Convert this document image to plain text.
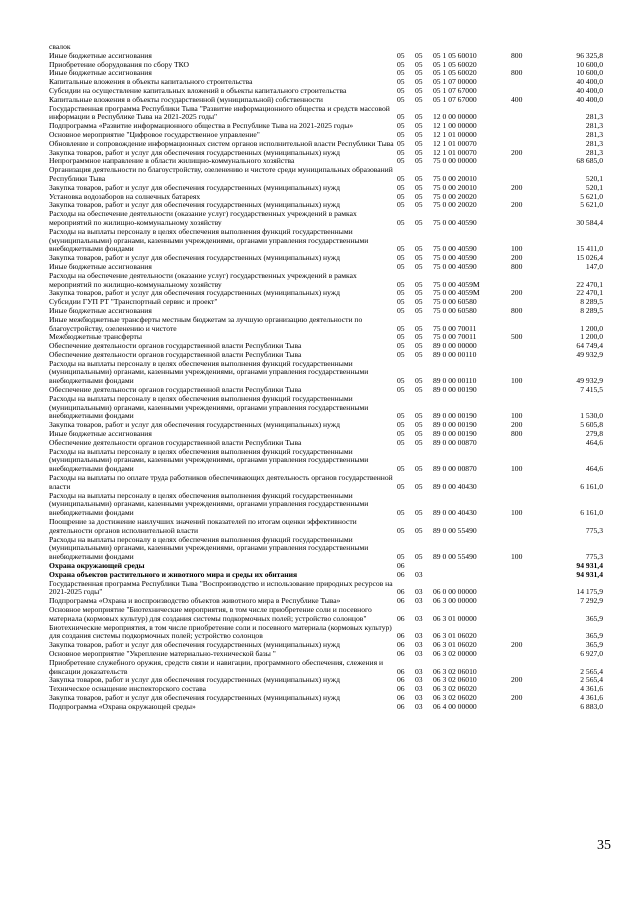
свалок
Иные бюджетные ассигнования	05	05	05 1 05 60010	800	96 325,8
Приобретение оборудования по сбору ТКО	05	05	05 1 05 60020	10 600,0
Иные бюджетные ассигнования	05	05	05 1 05 60020	800	10 600,0
Капитальные вложения в объекты капитального строительства	05	05	05 1 07 00000	40 400,0
Субсидии на осуществление капитальных вложений в объекты капитального строительства	05	05	05 1 07 67000	40 400,0
Капитальные вложения в объекты государственной (муниципальной) собственности	05	05	05 1 07 67000	400	40 400,0
Государственная программа Республики Тыва "Развитие информационного общества и средств массовой информации в Республике Тыва на 2021-2025 годы"	05	05	12 0 00 00000	281,3
Подпрограмма «Развитие информационного общества в Республике Тыва на 2021-2025 годы»	05	05	12 1 00 00000	281,3
Основное мероприятие "Цифровое государственное управление"	05	05	12 1 01 00000	281,3
Обновление и сопровождение информационных систем органов исполнительной власти Республики Тыва 05	05	12 1 01 00070	281,3
Закупка товаров, работ и услуг для обеспечения государственных (муниципальных) нужд	05	05	12 1 01 00070	200	281,3
Непрограммное направление в области жилищно-коммунального хозяйства	05	05	75 0 00 00000	68 685,0
Организация деятельности по благоустройству, озеленению и чистоте среди муниципальных образований Республики Тыва	05	05	75 0 00 20010	520,1
Закупка товаров, работ и услуг для обеспечения государственных (муниципальных) нужд	05	05	75 0 00 20010	200	520,1
Установка водозаборов на солнечных батареях	05	05	75 0 00 20020	5 621,0
Закупка товаров, работ и услуг для обеспечения государственных (муниципальных) нужд	05	05	75 0 00 20020	200	5 621,0
Расходы на обеспечение деятельности (оказание услуг) государственных учреждений в рамках мероприятий по жилищно-коммунальному хозяйству	05	05	75 0 00 40590	30 584,4
Расходы на выплаты персоналу в целях обеспечения выполнения функций государственными (муниципальными) органами, казенными учреждениями, органами управления государственными внебюджетными фондами	05	05	75 0 00 40590	100	15 411,0
Закупка товаров, работ и услуг для обеспечения государственных (муниципальных) нужд	05	05	75 0 00 40590	200	15 026,4
Иные бюджетные ассигнования	05	05	75 0 00 40590	800	147,0
Расходы на обеспечение деятельности (оказание услуг) государственных учреждений в рамках мероприятий по жилищно-коммунальному хозяйству	05	05	75 0 00 4059М	22 470,1
Закупка товаров, работ и услуг для обеспечения государственных (муниципальных) нужд	05	05	75 0 00 4059М	200	22 470,1
Субсидии ГУП РТ "Транспортный сервис и проект"	05	05	75 0 00 60580	8 289,5
Иные бюджетные ассигнования	05	05	75 0 00 60580	800	8 289,5
Иные межбюджетные трансферты местным бюджетам за лучшую организацию деятельности по благоустройству, озеленению и чистоте	05	05	75 0 00 70011	1 200,0
Межбюджетные трансферты	05	05	75 0 00 70011	500	1 200,0
Обеспечение деятельности органов государственной власти Республики Тыва	05	05	89 0 00 00000	64 749,4
Обеспечение деятельности органов государственной власти Республики Тыва	05	05	89 0 00 00110	49 932,9
Расходы на выплаты персоналу в целях обеспечения выполнения функций государственными (муниципальными) органами, казенными учреждениями, органами управления государственными внебюджетными фондами	05	05	89 0 00 00110	100	49 932,9
Обеспечение деятельности органов государственной власти Республики Тыва	05	05	89 0 00 00190	7 415,5
Расходы на выплаты персоналу в целях обеспечения выполнения функций государственными (муниципальными) органами, казенными учреждениями, органами управления государственными внебюджетными фондами	05	05	89 0 00 00190	100	1 530,0
Закупка товаров, работ и услуг для обеспечения государственных (муниципальных) нужд	05	05	89 0 00 00190	200	5 605,8
Иные бюджетные ассигнования	05	05	89 0 00 00190	800	279,8
Обеспечение деятельности органов государственной власти Республики Тыва	05	05	89 0 00 00870	464,6
Расходы на выплаты персоналу в целях обеспечения выполнения функций государственными (муниципальными) органами, казенными учреждениями, органами управления государственными внебюджетными фондами	05	05	89 0 00 00870	100	464,6
Расходы на выплаты по оплате труда работников обеспечивающих деятельность органов государственной власти	05	05	89 0 00 40430	6 161,0
Расходы на выплаты персоналу в целях обеспечения выполнения функций государственными (муниципальными) органами, казенными учреждениями, органами управления государственными внебюджетными фондами	05	05	89 0 00 40430	100	6 161,0
Поощрение за достижение наилучших значений показателей по итогам оценки эффективности деятельности органов исполнительной власти	05	05	89 0 00 55490	775,3
Расходы на выплаты персоналу в целях обеспечения выполнения функций государственными (муниципальными) органами, казенными учреждениями, органами управления государственными внебюджетными фондами	05	05	89 0 00 55490	100	775,3
Охрана окружающей среды	06	94 931,4
Охрана объектов растительного и животного мира и среды их обитания	06	03	94 931,4
Государственная программа Республики Тыва "Воспроизводство и использование природных ресурсов на 2021-2025 годы"	06	03	06 0 00 00000	14 175,9
Подпрограмма «Охрана и воспроизводство объектов животного мира в Республике Тыва»	06	03	06 3 00 00000	7 292,9
Основное мероприятие "Биотехнические мероприятия, в том числе приобретение соли и посевного материала (кормовых культур) для создания системы подкормочных полей; устройство солонцов"	06	03	06 3 01 00000	365,9
Биотехнические мероприятия, в том числе приобретение соли и посевного материала (кормовых культур) для создания системы подкормочных полей; устройство солонцов	06	03	06 3 01 06020	365,9
Закупка товаров, работ и услуг для обеспечения государственных (муниципальных) нужд	06	03	06 3 01 06020	200	365,9
Основное мероприятие "Укрепление материально-технической базы "	06	03	06 3 02 00000	6 927,0
Приобретение служебного оружия, средств связи и навигации, программного обеспечения, слежения и фиксации доказательств	06	03	06 3 02 06010	2 565,4
Закупка товаров, работ и услуг для обеспечения государственных (муниципальных) нужд	06	03	06 3 02 06010	200	2 565,4
Техническое оснащение инспекторского состава	06	03	06 3 02 06020	4 361,6
Закупка товаров, работ и услуг для обеспечения государственных (муниципальных) нужд	06	03	06 3 02 06020	200	4 361,6
Подпрограмма «Охрана окружающей среды»	06	03	06 4 00 00000	6 883,0
35
